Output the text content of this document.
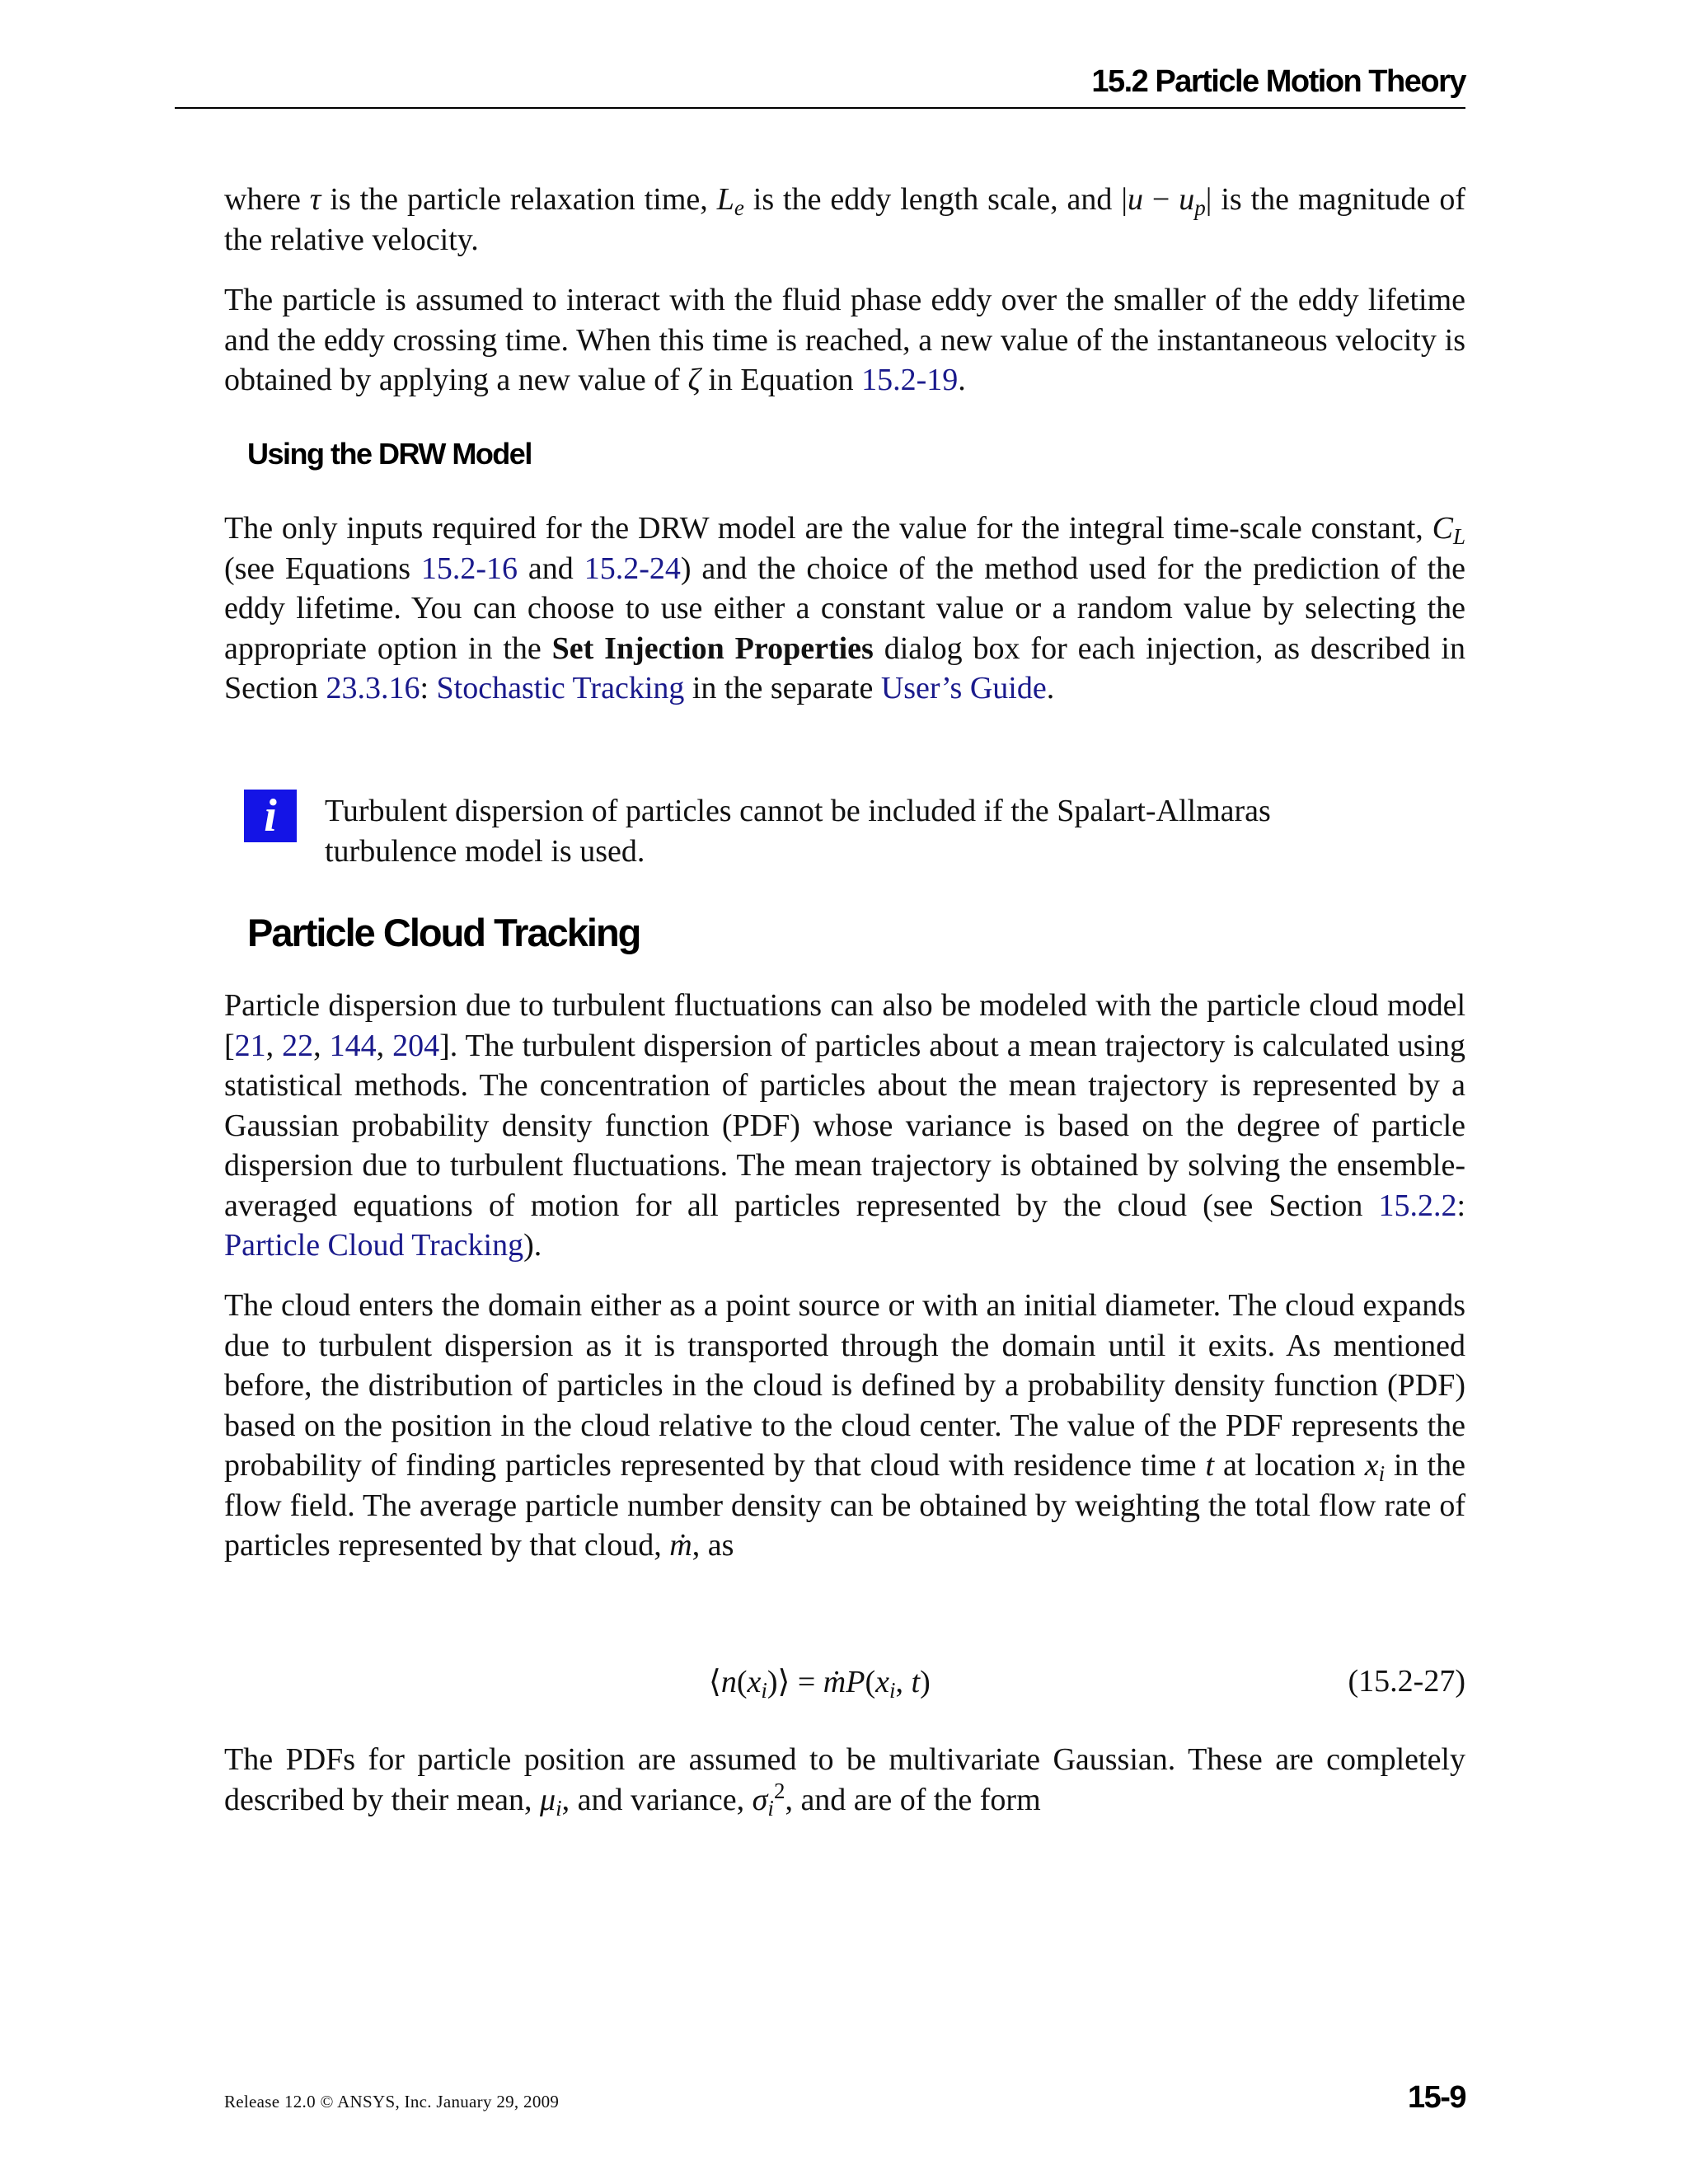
15.2 Particle Motion Theory

where τ is the particle relaxation time, $L_e$ is the eddy length scale, and $|u - u_p|$ is the magnitude of the relative velocity.

The particle is assumed to interact with the fluid phase eddy over the smaller of the eddy lifetime and the eddy crossing time. When this time is reached, a new value of the instantaneous velocity is obtained by applying a new value of ζ in Equation 15.2-19.

Using the DRW Model

The only inputs required for the DRW model are the value for the integral time-scale constant, $C_L$ (see Equations 15.2-16 and 15.2-24) and the choice of the method used for the prediction of the eddy lifetime. You can choose to use either a constant value or a random value by selecting the appropriate option in the Set Injection Properties dialog box for each injection, as described in Section 23.3.16: Stochastic Tracking in the separate User’s Guide.

i	Turbulent dispersion of particles cannot be included if the Spalart-Allmaras turbulence model is used.

Particle Cloud Tracking

Particle dispersion due to turbulent fluctuations can also be modeled with the particle cloud model [21, 22, 144, 204]. The turbulent dispersion of particles about a mean trajectory is calculated using statistical methods. The concentration of particles about the mean trajectory is represented by a Gaussian probability density function (PDF) whose variance is based on the degree of particle dispersion due to turbulent fluctuations. The mean trajectory is obtained by solving the ensemble-averaged equations of motion for all particles represented by the cloud (see Section 15.2.2: Particle Cloud Tracking).

The cloud enters the domain either as a point source or with an initial diameter. The cloud expands due to turbulent dispersion as it is transported through the domain until it exits. As mentioned before, the distribution of particles in the cloud is defined by a probability density function (PDF) based on the position in the cloud relative to the cloud center. The value of the PDF represents the probability of finding particles represented by that cloud with residence time t at location $x_i$ in the flow field. The average particle number density can be obtained by weighting the total flow rate of particles represented by that cloud, ṁ, as

$⟨n(x_i)⟩$ = $ṁP(x_i$, t)	(15.2-27)

The PDFs for particle position are assumed to be multivariate Gaussian. These are completely described by their mean, $\mu_i$, and variance, $\sigma_i^2$, and are of the form

Release 12.0 © ANSYS, Inc. January 29, 2009	15-9
